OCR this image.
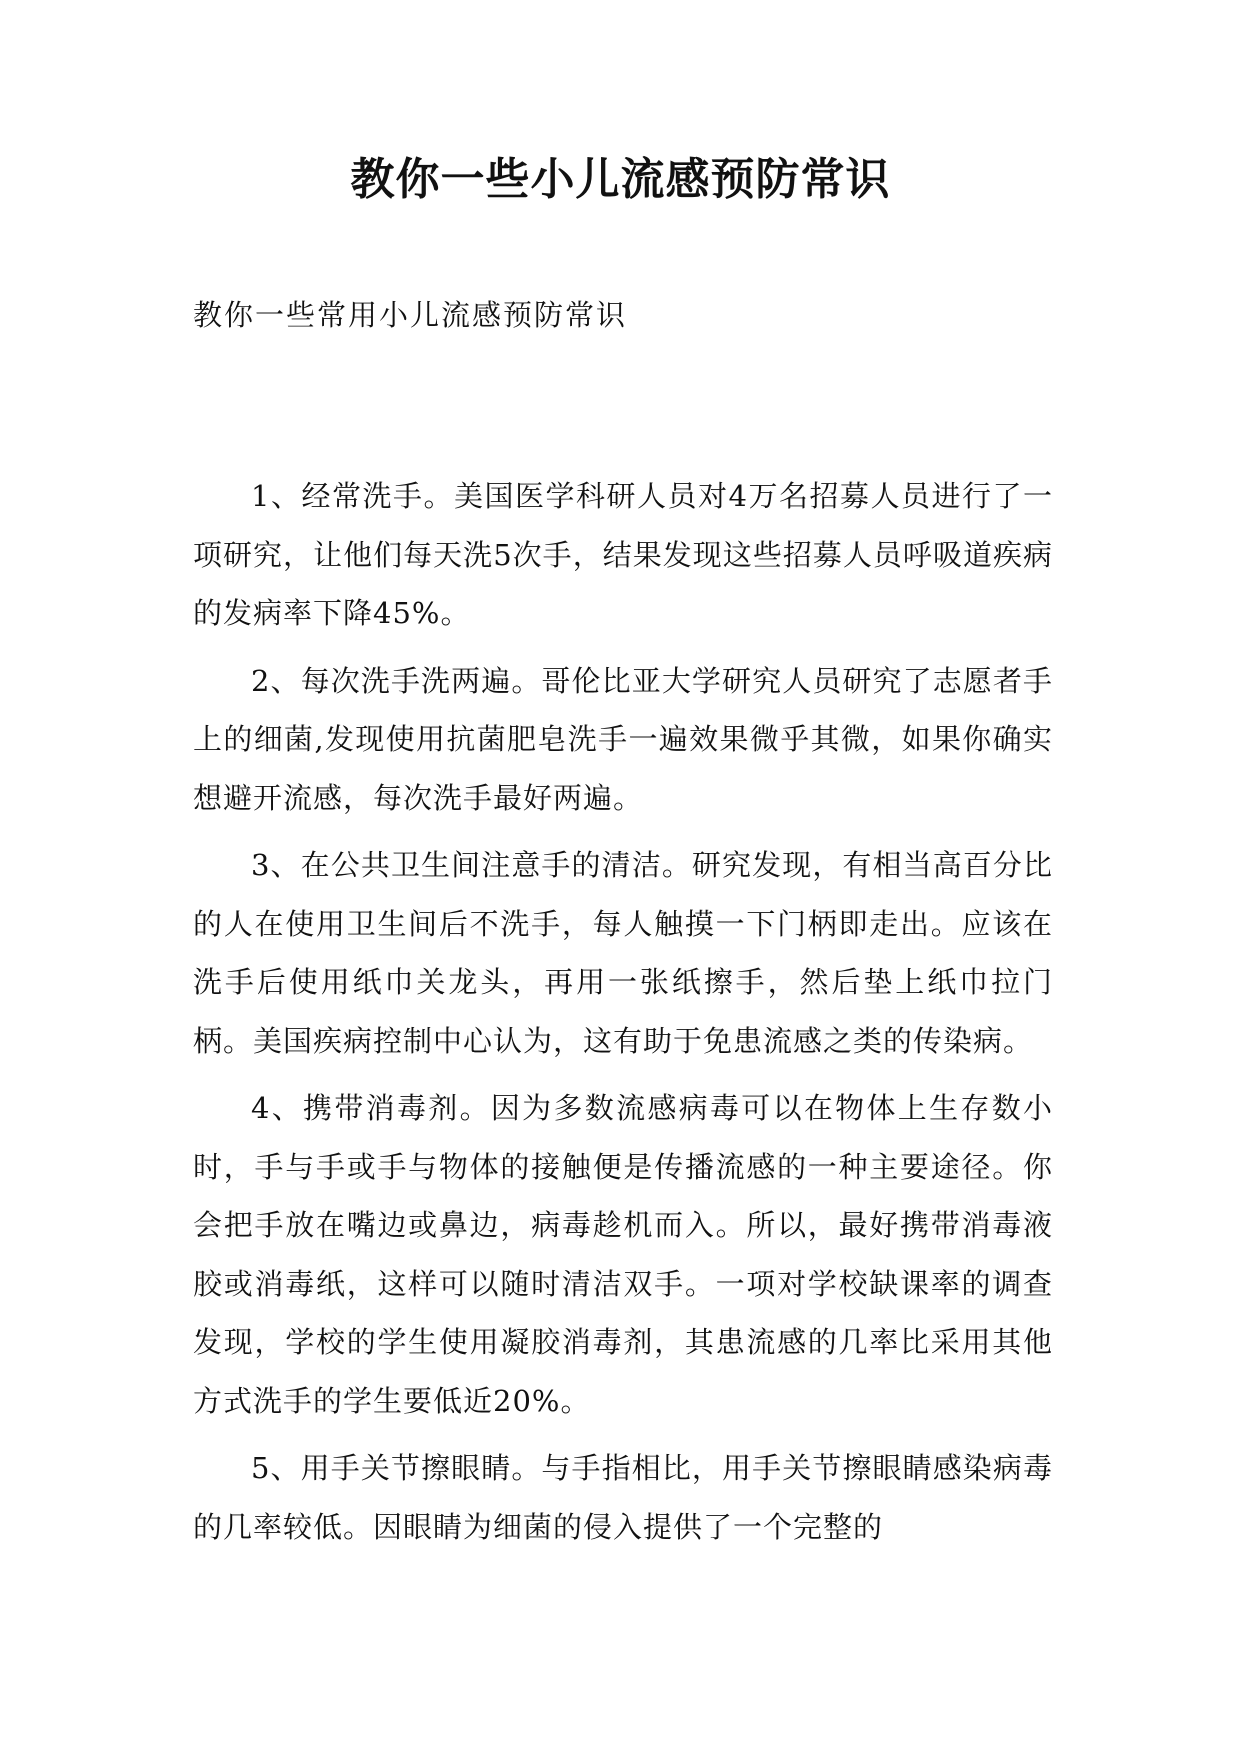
教你一些小儿流感预防常识

教你一些常用小儿流感预防常识

1、经常洗手。美国医学科研人员对4万名招募人员进行了一项研究，让他们每天洗5次手，结果发现这些招募人员呼吸道疾病的发病率下降45%。

2、每次洗手洗两遍。哥伦比亚大学研究人员研究了志愿者手上的细菌,发现使用抗菌肥皂洗手一遍效果微乎其微，如果你确实想避开流感，每次洗手最好两遍。

3、在公共卫生间注意手的清洁。研究发现，有相当高百分比的人在使用卫生间后不洗手，每人触摸一下门柄即走出。应该在洗手后使用纸巾关龙头，再用一张纸擦手，然后垫上纸巾拉门柄。美国疾病控制中心认为，这有助于免患流感之类的传染病。

4、携带消毒剂。因为多数流感病毒可以在物体上生存数小时，手与手或手与物体的接触便是传播流感的一种主要途径。你会把手放在嘴边或鼻边，病毒趁机而入。所以，最好携带消毒液胶或消毒纸，这样可以随时清洁双手。一项对学校缺课率的调查发现，学校的学生使用凝胶消毒剂，其患流感的几率比采用其他方式洗手的学生要低近20%。

5、用手关节擦眼睛。与手指相比，用手关节擦眼睛感染病毒的几率较低。因眼睛为细菌的侵入提供了一个完整的
